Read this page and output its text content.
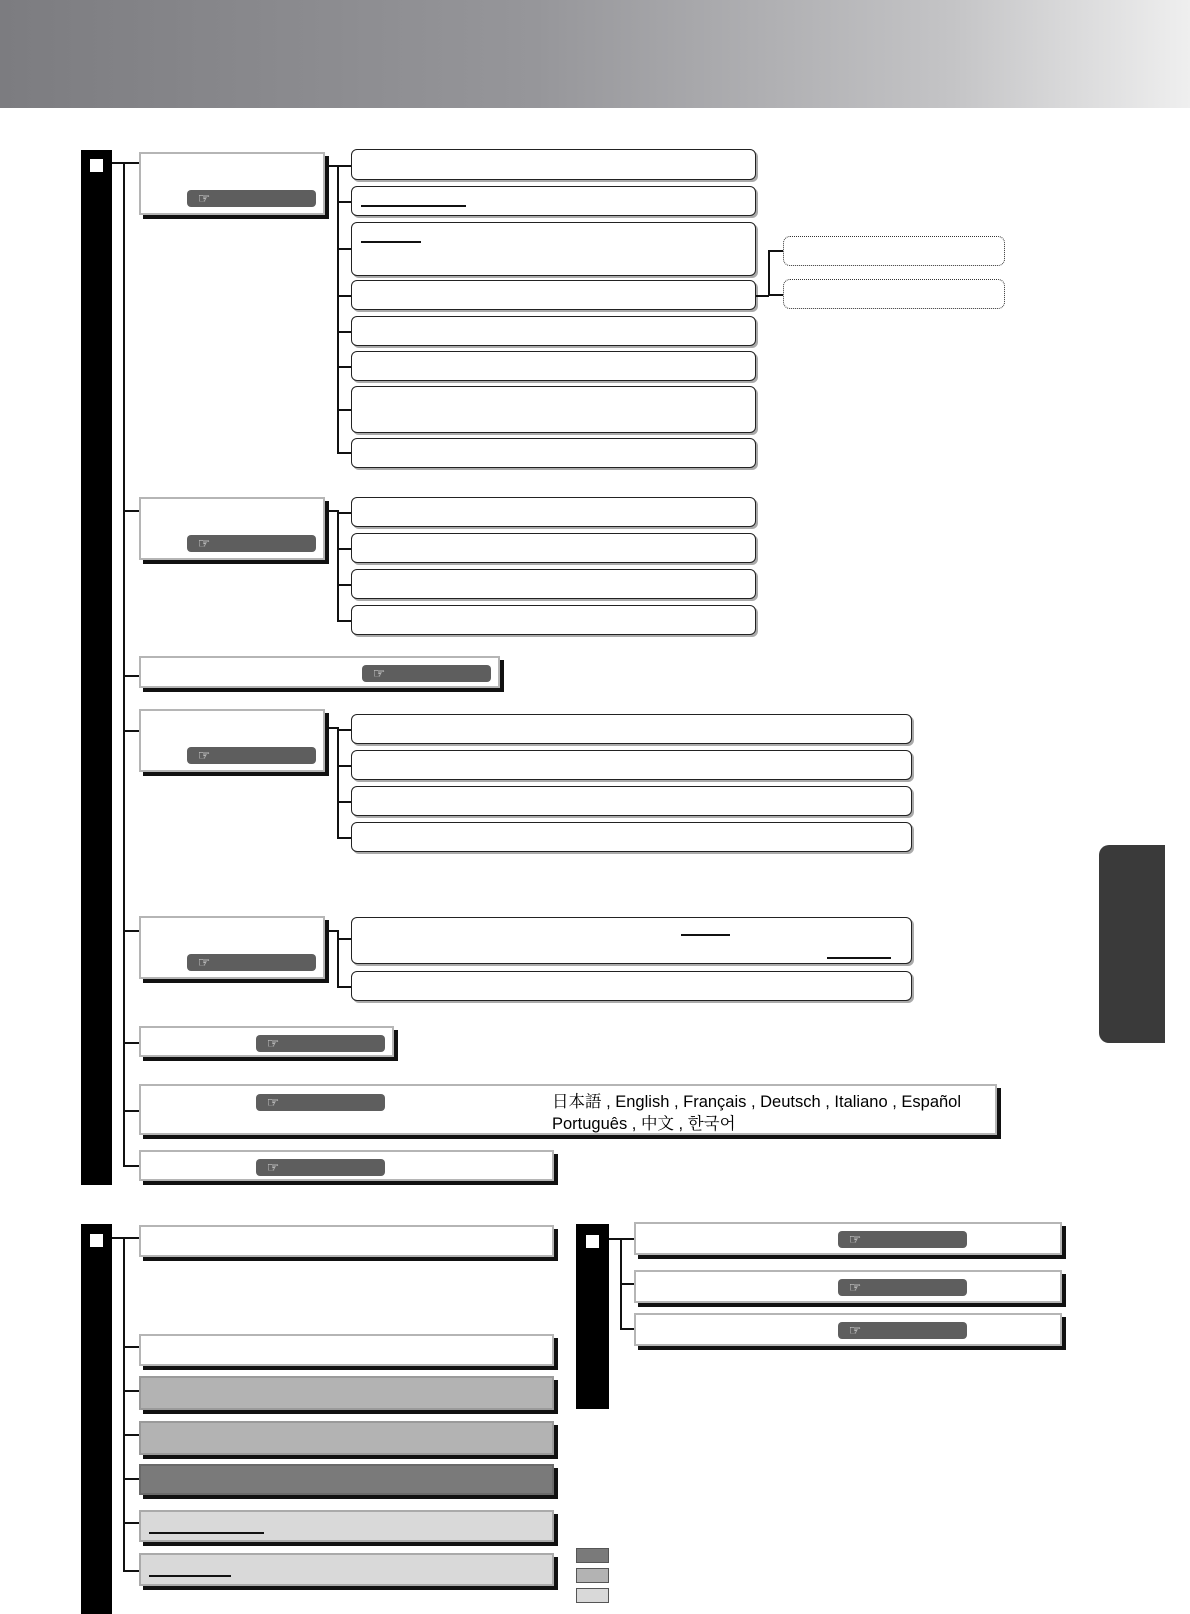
☞
☞
☞
☞
☞
☞
☞	日本語 , English , Français , Deutsch , Italiano , Español
Português , 中文 , 한국어
☞
☞
☞
☞
